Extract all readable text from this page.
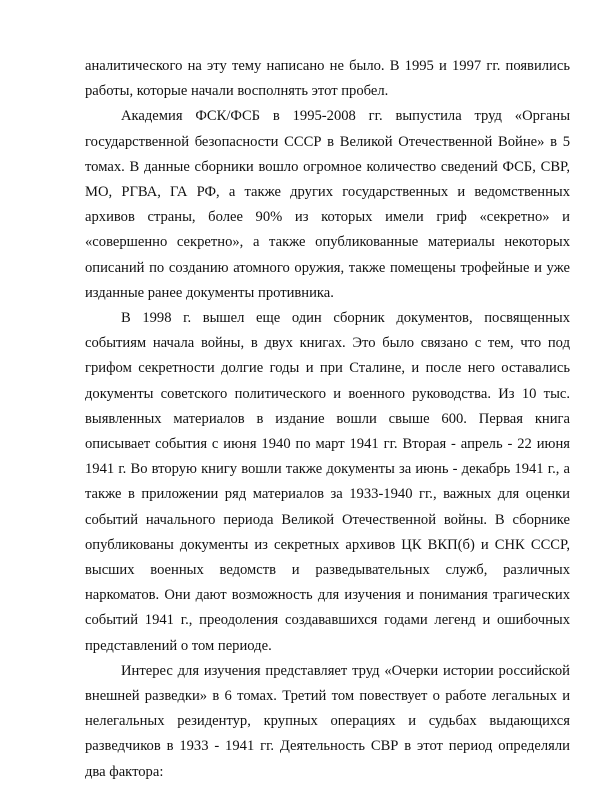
аналитического на эту тему написано не было. В 1995 и 1997 гг. появились работы, которые начали восполнять этот пробел.

Академия ФСК/ФСБ в 1995-2008 гг. выпустила труд «Органы государственной безопасности СССР в Великой Отечественной Войне» в 5 томах. В данные сборники вошло огромное количество сведений ФСБ, СВР, МО, РГВА, ГА РФ, а также других государственных и ведомственных архивов страны, более 90% из которых имели гриф «секретно» и «совершенно секретно», а также опубликованные материалы некоторых описаний по созданию атомного оружия, также помещены трофейные и уже изданные ранее документы противника.

В 1998 г. вышел еще один сборник документов, посвященных событиям начала войны, в двух книгах. Это было связано с тем, что под грифом секретности долгие годы и при Сталине, и после него оставались документы советского политического и военного руководства. Из 10 тыс. выявленных материалов в издание вошли свыше 600. Первая книга описывает события с июня 1940 по март 1941 гг. Вторая - апрель - 22 июня 1941 г. Во вторую книгу вошли также документы за июнь - декабрь 1941 г., а также в приложении ряд материалов за 1933-1940 гг., важных для оценки событий начального периода Великой Отечественной войны. В сборнике опубликованы документы из секретных архивов ЦК ВКП(б) и СНК СССР, высших военных ведомств и разведывательных служб, различных наркоматов. Они дают возможность для изучения и понимания трагических событий 1941 г., преодоления создававшихся годами легенд и ошибочных представлений о том периоде.

Интерес для изучения представляет труд «Очерки истории российской внешней разведки» в 6 томах. Третий том повествует о работе легальных и нелегальных резидентур, крупных операциях и судьбах выдающихся разведчиков в 1933 - 1941 гг. Деятельность СВР в этот период определяли два фактора:
